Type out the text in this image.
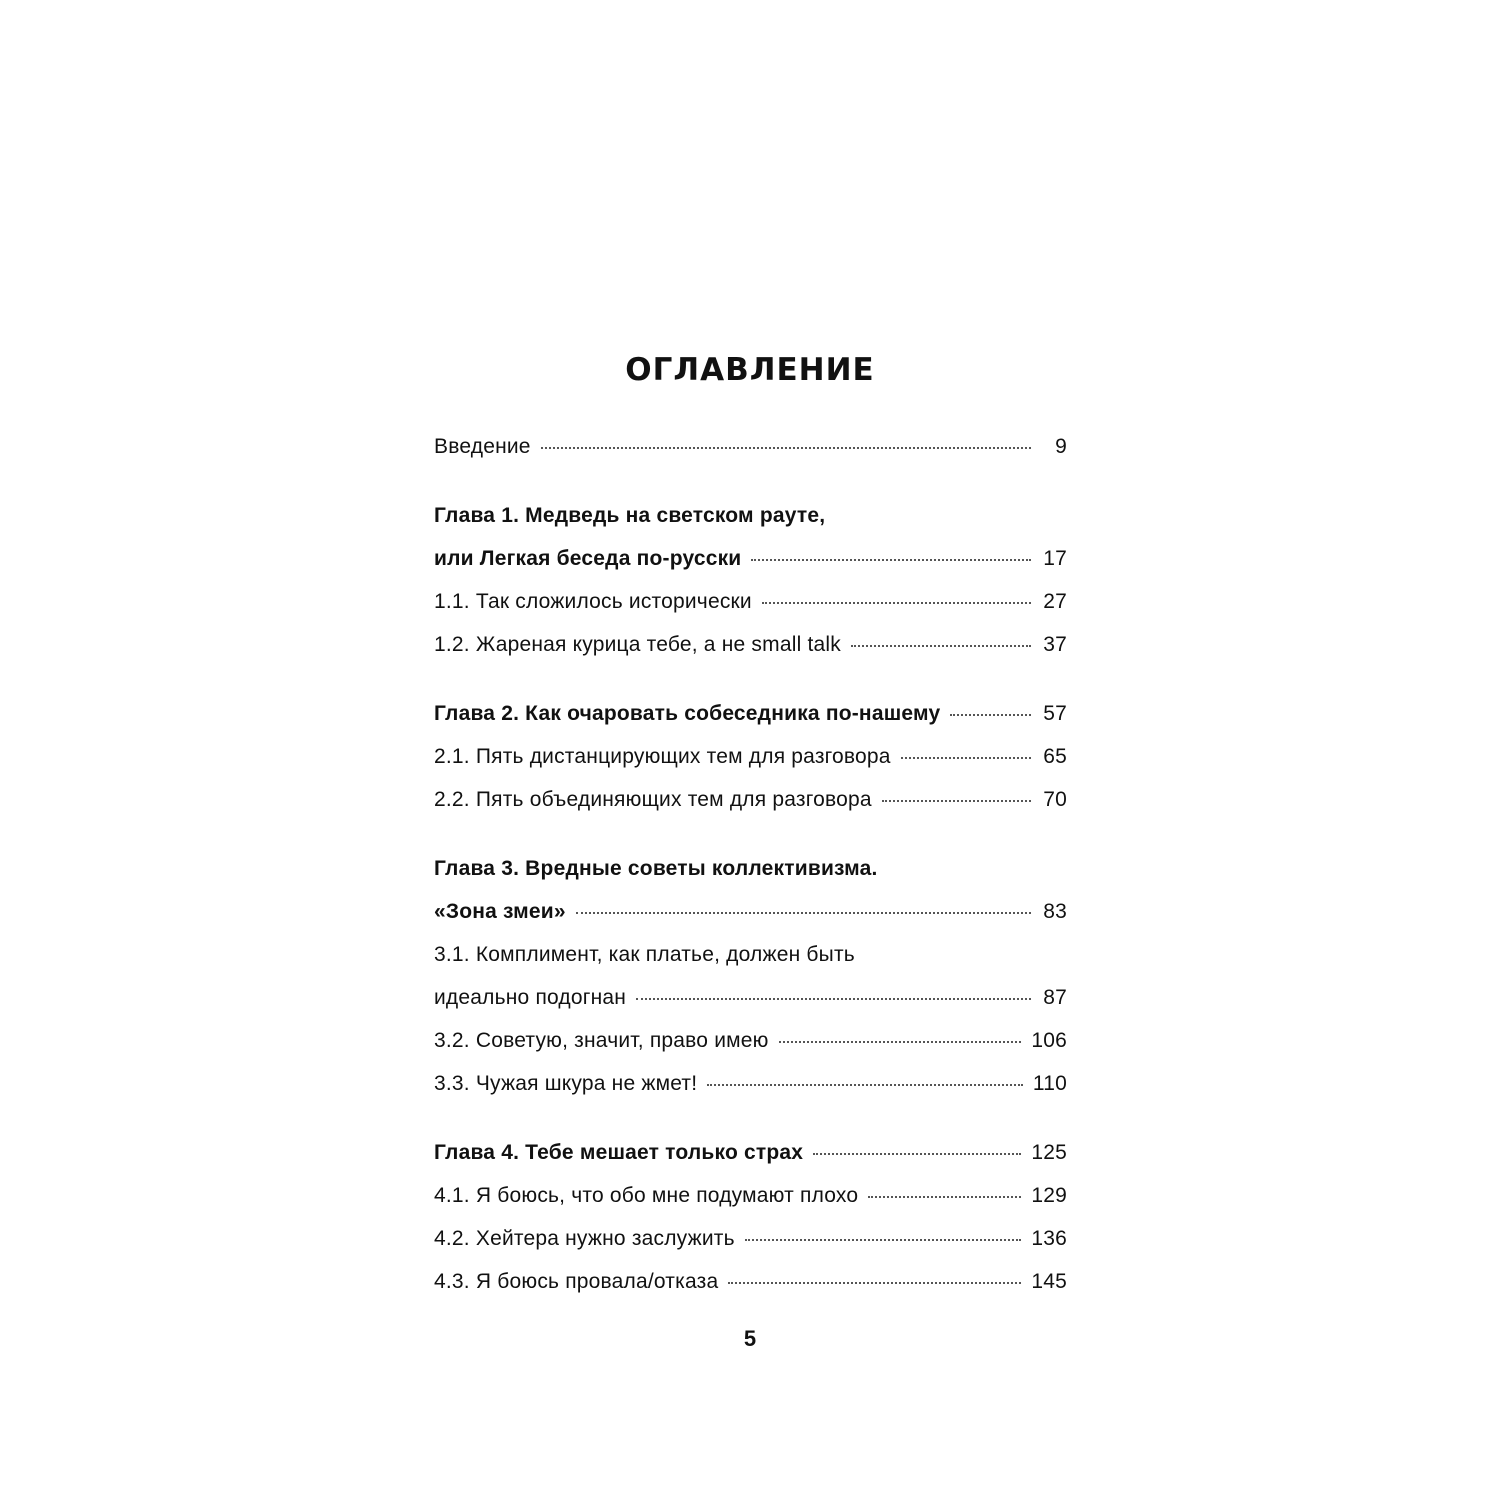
ОГЛАВЛЕНИЕ
Введение	9
Глава 1. Медведь на светском рауте,
или Легкая беседа по-русски	17
1.1. Так сложилось исторически	27
1.2. Жареная курица тебе, а не small talk	37
Глава 2. Как очаровать собеседника по-нашему	57
2.1. Пять дистанцирующих тем для разговора	65
2.2. Пять объединяющих тем для разговора	70
Глава 3. Вредные советы коллективизма.
«Зона змеи»	83
3.1. Комплимент, как платье, должен быть
идеально подогнан	87
3.2. Советую, значит, право имею	106
3.3. Чужая шкура не жмет!	110
Глава 4. Тебе мешает только страх	125
4.1. Я боюсь, что обо мне подумают плохо	129
4.2. Хейтера нужно заслужить	136
4.3. Я боюсь провала/отказа	145
5
